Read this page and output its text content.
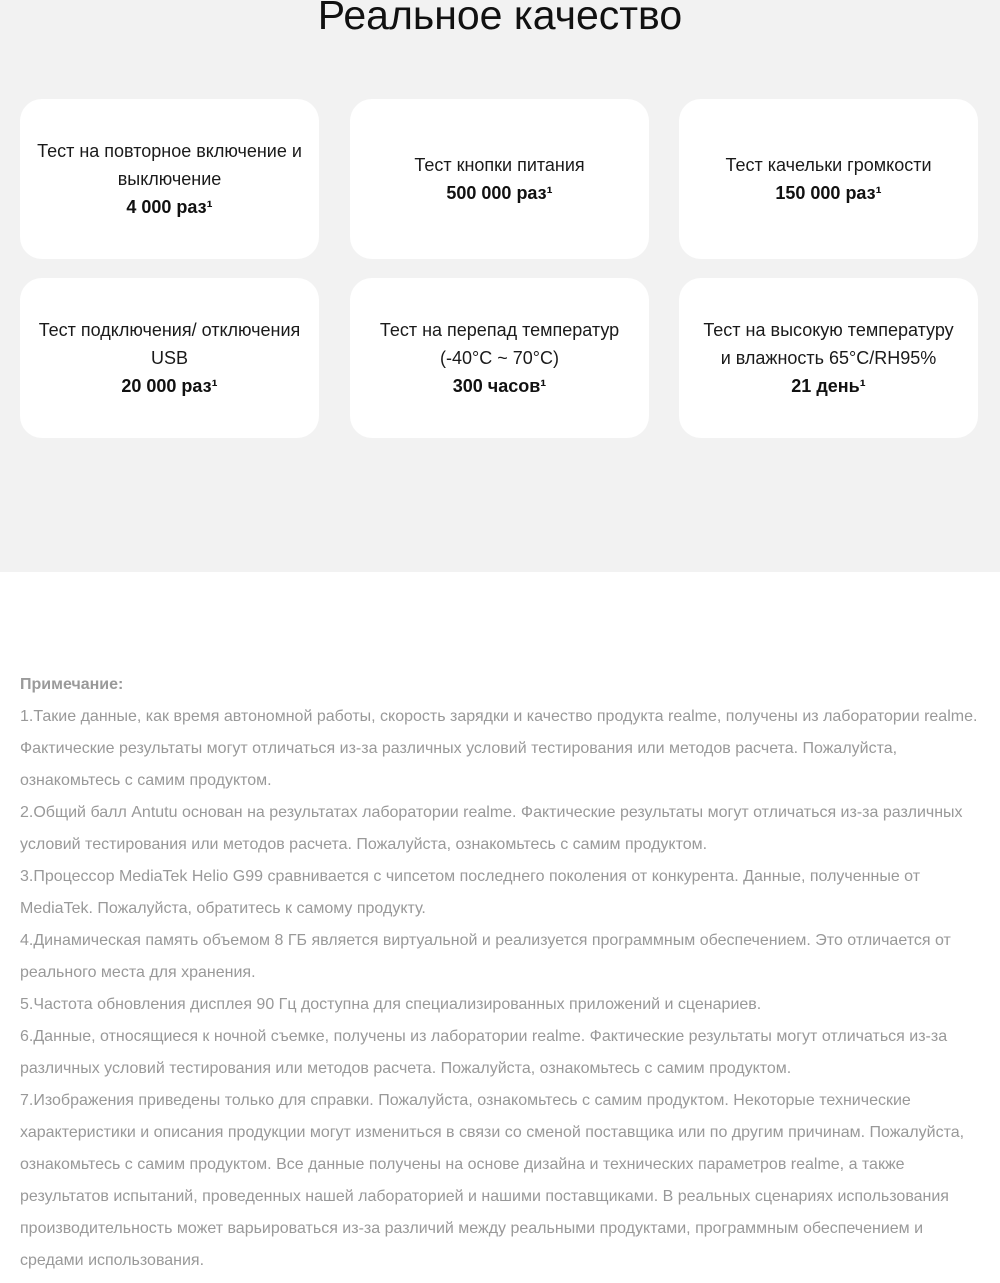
Реальное качество
Тест на повторное включение и
выключение
4 000 раз¹
Тест кнопки питания
500 000 раз¹
Тест качельки громкости
150 000 раз¹
Тест подключения/ отключения
USB
20 000 раз¹
Тест на перепад температур
(-40°C ~ 70°C)
300 часов¹
Тест на высокую температуру
и влажность 65°C/RH95%
21 день¹
Примечание:

1.Такие данные, как время автономной работы, скорость зарядки и качество продукта realme, получены из лаборатории realme. Фактические результаты могут отличаться из-за различных условий тестирования или методов расчета. Пожалуйста, ознакомьтесь с самим продуктом.

2.Общий балл Antutu основан на результатах лаборатории realme. Фактические результаты могут отличаться из-за различных условий тестирования или методов расчета. Пожалуйста, ознакомьтесь с самим продуктом.

3.Процессор MediaTek Helio G99 сравнивается с чипсетом последнего поколения от конкурента. Данные, полученные от MediaTek. Пожалуйста, обратитесь к самому продукту.

4.Динамическая память объемом 8 ГБ является виртуальной и реализуется программным обеспечением. Это отличается от реального места для хранения.

5.Частота обновления дисплея 90 Гц доступна для специализированных приложений и сценариев.

6.Данные, относящиеся к ночной съемке, получены из лаборатории realme. Фактические результаты могут отличаться из-за различных условий тестирования или методов расчета. Пожалуйста, ознакомьтесь с самим продуктом.

7.Изображения приведены только для справки. Пожалуйста, ознакомьтесь с самим продуктом. Некоторые технические характеристики и описания продукции могут измениться в связи со сменой поставщика или по другим причинам. Пожалуйста, ознакомьтесь с самим продуктом. Все данные получены на основе дизайна и технических параметров realme, а также результатов испытаний, проведенных нашей лабораторией и нашими поставщиками. В реальных сценариях использования производительность может варьироваться из-за различий между реальными продуктами, программным обеспечением и средами использования.
